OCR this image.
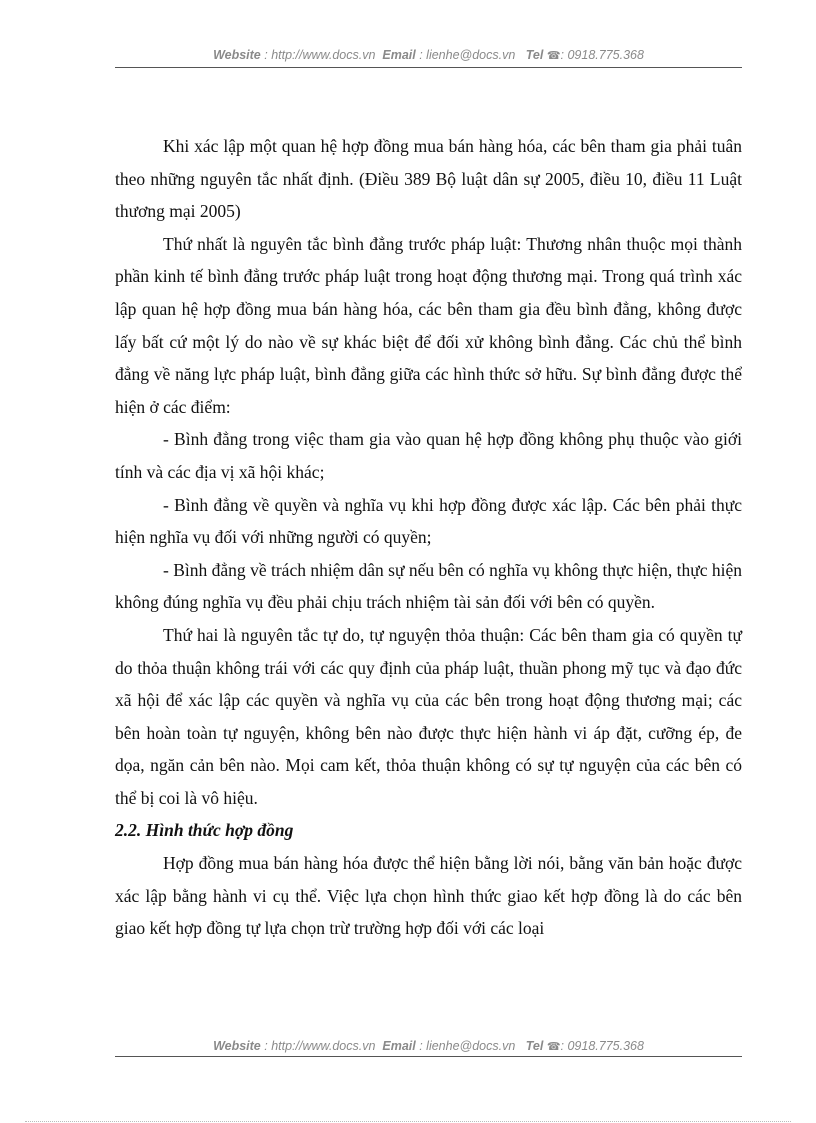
Website : http://www.docs.vn Email : lienhe@docs.vn Tel ☎: 0918.775.368

Khi xác lập một quan hệ hợp đồng mua bán hàng hóa, các bên tham gia phải tuân theo những nguyên tắc nhất định. (Điều 389 Bộ luật dân sự 2005, điều 10, điều 11 Luật thương mại 2005)

Thứ nhất là nguyên tắc bình đẳng trước pháp luật: Thương nhân thuộc mọi thành phần kinh tế bình đẳng trước pháp luật trong hoạt động thương mại. Trong quá trình xác lập quan hệ hợp đồng mua bán hàng hóa, các bên tham gia đều bình đẳng, không được lấy bất cứ một lý do nào về sự khác biệt để đối xử không bình đẳng. Các chủ thể bình đẳng về năng lực pháp luật, bình đẳng giữa các hình thức sở hữu. Sự bình đẳng được thể hiện ở các điểm:

- Bình đẳng trong việc tham gia vào quan hệ hợp đồng không phụ thuộc vào giới tính và các địa vị xã hội khác;

- Bình đẳng về quyền và nghĩa vụ khi hợp đồng được xác lập. Các bên phải thực hiện nghĩa vụ đối với những người có quyền;

- Bình đẳng về trách nhiệm dân sự nếu bên có nghĩa vụ không thực hiện, thực hiện không đúng nghĩa vụ đều phải chịu trách nhiệm tài sản đối với bên có quyền.

Thứ hai là nguyên tắc tự do, tự nguyện thỏa thuận: Các bên tham gia có quyền tự do thỏa thuận không trái với các quy định của pháp luật, thuần phong mỹ tục và đạo đức xã hội để xác lập các quyền và nghĩa vụ của các bên trong hoạt động thương mại; các bên hoàn toàn tự nguyện, không bên nào được thực hiện hành vi áp đặt, cưỡng ép, đe dọa, ngăn cản bên nào. Mọi cam kết, thỏa thuận không có sự tự nguyện của các bên có thể bị coi là vô hiệu.

2.2. Hình thức hợp đồng

Hợp đồng mua bán hàng hóa được thể hiện bằng lời nói, bằng văn bản hoặc được xác lập bằng hành vi cụ thể. Việc lựa chọn hình thức giao kết hợp đồng là do các bên giao kết hợp đồng tự lựa chọn trừ trường hợp đối với các loại

Website : http://www.docs.vn Email : lienhe@docs.vn Tel ☎: 0918.775.368
